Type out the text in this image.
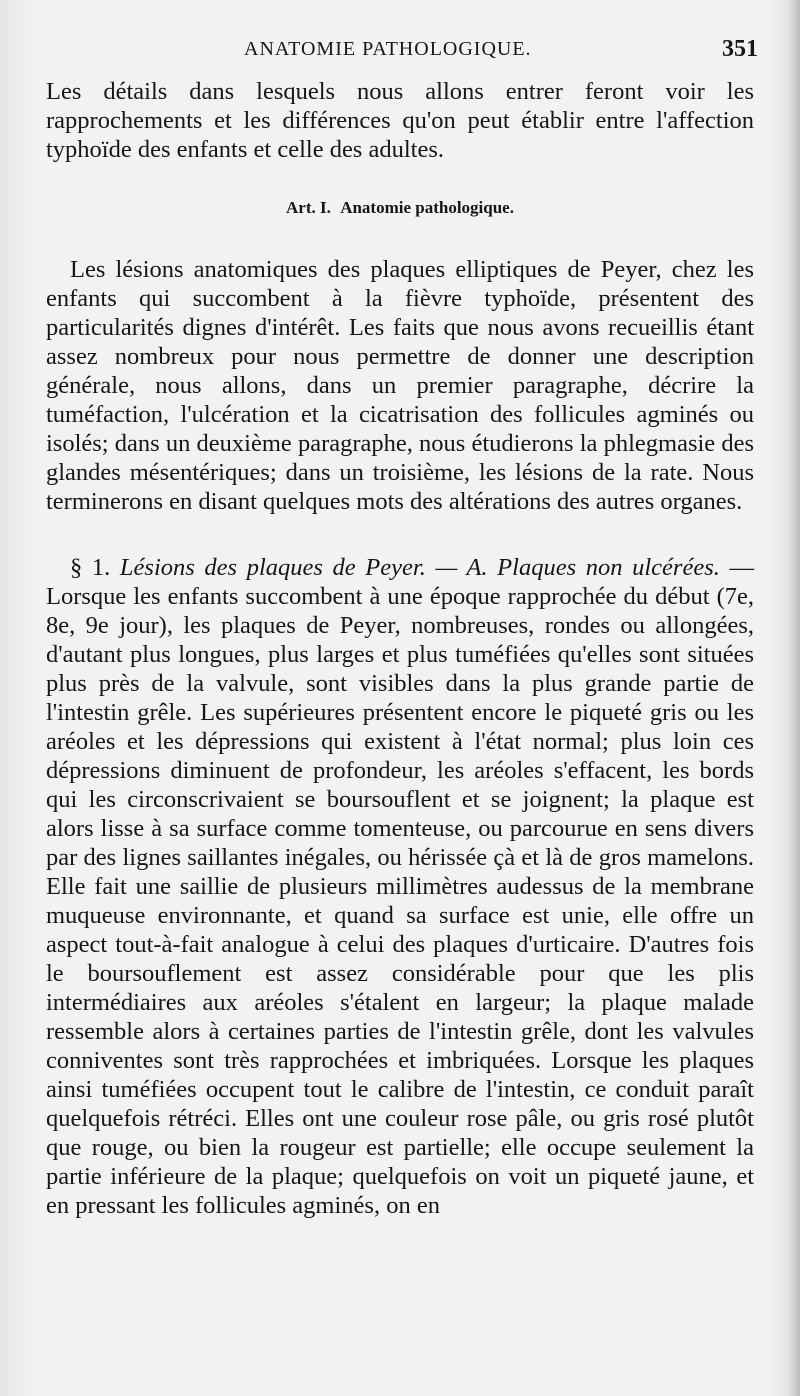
ANATOMIE PATHOLOGIQUE.	351

Les détails dans lesquels nous allons entrer feront voir les rapprochements et les différences qu'on peut établir entre l'affection typhoïde des enfants et celle des adultes.

Art. I. Anatomie pathologique.

Les lésions anatomiques des plaques elliptiques de Peyer, chez les enfants qui succombent à la fièvre typhoïde, présentent des particularités dignes d'intérêt. Les faits que nous avons recueillis étant assez nombreux pour nous permettre de donner une description générale, nous allons, dans un premier paragraphe, décrire la tuméfaction, l'ulcération et la cicatrisation des follicules agminés ou isolés; dans un deuxième paragraphe, nous étudierons la phlegmasie des glandes mésentériques; dans un troisième, les lésions de la rate. Nous terminerons en disant quelques mots des altérations des autres organes.

§ 1. Lésions des plaques de Peyer. — A. Plaques non ulcérées. — Lorsque les enfants succombent à une époque rapprochée du début (7e, 8e, 9e jour), les plaques de Peyer, nombreuses, rondes ou allongées, d'autant plus longues, plus larges et plus tuméfiées qu'elles sont situées plus près de la valvule, sont visibles dans la plus grande partie de l'intestin grêle. Les supérieures présentent encore le piqueté gris ou les aréoles et les dépressions qui existent à l'état normal; plus loin ces dépressions diminuent de profondeur, les aréoles s'effacent, les bords qui les circonscrivaient se boursouflent et se joignent; la plaque est alors lisse à sa surface comme tomenteuse, ou parcourue en sens divers par des lignes saillantes inégales, ou hérissée çà et là de gros mamelons. Elle fait une saillie de plusieurs millimètres audessus de la membrane muqueuse environnante, et quand sa surface est unie, elle offre un aspect tout-à-fait analogue à celui des plaques d'urticaire. D'autres fois le boursouflement est assez considérable pour que les plis intermédiaires aux aréoles s'étalent en largeur; la plaque malade ressemble alors à certaines parties de l'intestin grêle, dont les valvules conniventes sont très rapprochées et imbriquées. Lorsque les plaques ainsi tuméfiées occupent tout le calibre de l'intestin, ce conduit paraît quelquefois rétréci. Elles ont une couleur rose pâle, ou gris rosé plutôt que rouge, ou bien la rougeur est partielle; elle occupe seulement la partie inférieure de la plaque; quelquefois on voit un piqueté jaune, et en pressant les follicules agminés, on en
